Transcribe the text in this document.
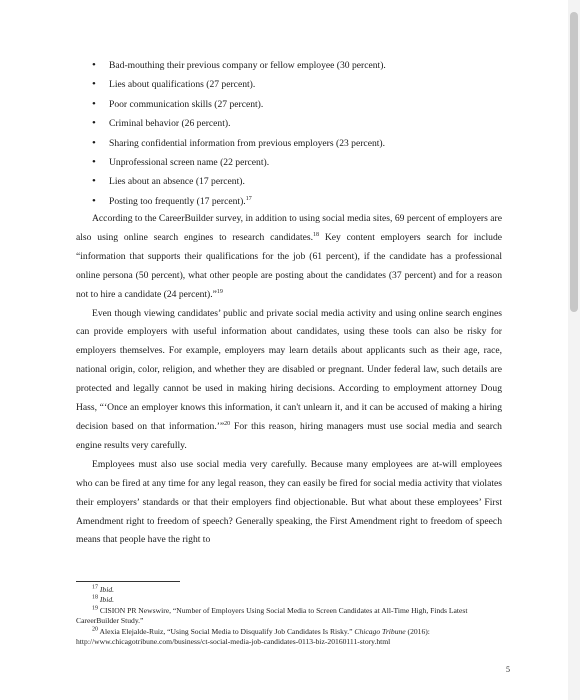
• Bad-mouthing their previous company or fellow employee (30 percent).
• Lies about qualifications (27 percent).
• Poor communication skills (27 percent).
• Criminal behavior (26 percent).
• Sharing confidential information from previous employers (23 percent).
• Unprofessional screen name (22 percent).
• Lies about an absence (17 percent).
• Posting too frequently (17 percent).$^{17}$

According to the CareerBuilder survey, in addition to using social media sites, 69 percent of employers are also using online search engines to research candidates.$^{18}$ Key content employers search for include “information that supports their qualifications for the job (61 percent), if the candidate has a professional online persona (50 percent), what other people are posting about the candidates (37 percent) and for a reason not to hire a candidate (24 percent).”$^{19}$

Even though viewing candidates’ public and private social media activity and using online search engines can provide employers with useful information about candidates, using these tools can also be risky for employers themselves. For example, employers may learn details about applicants such as their age, race, national origin, color, religion, and whether they are disabled or pregnant. Under federal law, such details are protected and legally cannot be used in making hiring decisions. According to employment attorney Doug Hass, “‘Once an employer knows this information, it can't unlearn it, and it can be accused of making a hiring decision based on that information.’”$^{20}$ For this reason, hiring managers must use social media and search engine results very carefully.

Employees must also use social media very carefully. Because many employees are at-will employees who can be fired at any time for any legal reason, they can easily be fired for social media activity that violates their employers’ standards or that their employers find objectionable. But what about these employees’ First Amendment right to freedom of speech? Generally speaking, the First Amendment right to freedom of speech means that people have the right to

$^{17}$ Ibid.

$^{18}$ Ibid.

$^{19}$ CISION PR Newswire, “Number of Employers Using Social Media to Screen Candidates at All-Time High, Finds Latest CareerBuilder Study.”

$^{20}$ Alexia Elejalde-Ruiz, “Using Social Media to Disqualify Job Candidates Is Risky.” Chicago Tribune (2016): http://www.chicagotribune.com/business/ct-social-media-job-candidates-0113-biz-20160111-story.html

5
